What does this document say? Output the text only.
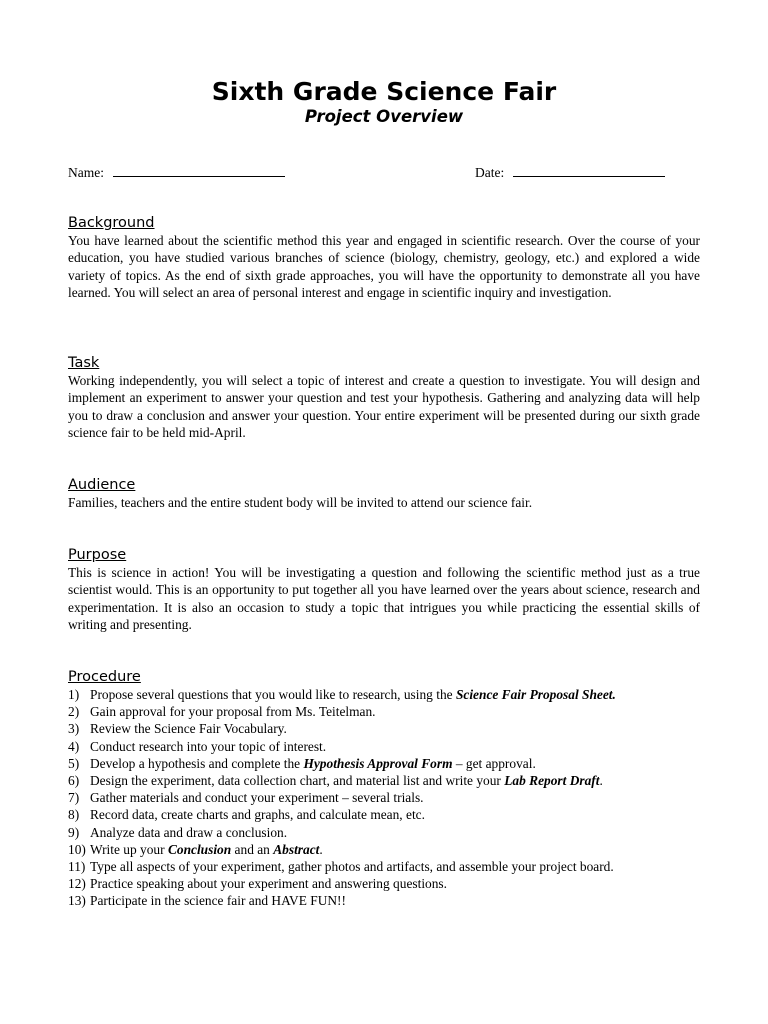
Sixth Grade Science Fair
Project Overview
Name:	Date:
Background

You have learned about the scientific method this year and engaged in scientific research. Over the course of your education, you have studied various branches of science (biology, chemistry, geology, etc.) and explored a wide variety of topics. As the end of sixth grade approaches, you will have the opportunity to demonstrate all you have learned. You will select an area of personal interest and engage in scientific inquiry and investigation.

Task

Working independently, you will select a topic of interest and create a question to investigate. You will design and implement an experiment to answer your question and test your hypothesis. Gathering and analyzing data will help you to draw a conclusion and answer your question. Your entire experiment will be presented during our sixth grade science fair to be held mid-April.

Audience

Families, teachers and the entire student body will be invited to attend our science fair.

Purpose

This is science in action! You will be investigating a question and following the scientific method just as a true scientist would. This is an opportunity to put together all you have learned over the years about science, research and experimentation. It is also an occasion to study a topic that intrigues you while practicing the essential skills of writing and presenting.

Procedure
1) Propose several questions that you would like to research, using the Science Fair Proposal Sheet.
2) Gain approval for your proposal from Ms. Teitelman.
3) Review the Science Fair Vocabulary.
4) Conduct research into your topic of interest.
5) Develop a hypothesis and complete the Hypothesis Approval Form – get approval.
6) Design the experiment, data collection chart, and material list and write your Lab Report Draft.
7) Gather materials and conduct your experiment – several trials.
8) Record data, create charts and graphs, and calculate mean, etc.
9) Analyze data and draw a conclusion.
10) Write up your Conclusion and an Abstract.
11) Type all aspects of your experiment, gather photos and artifacts, and assemble your project board.
12) Practice speaking about your experiment and answering questions.
13) Participate in the science fair and HAVE FUN!!
